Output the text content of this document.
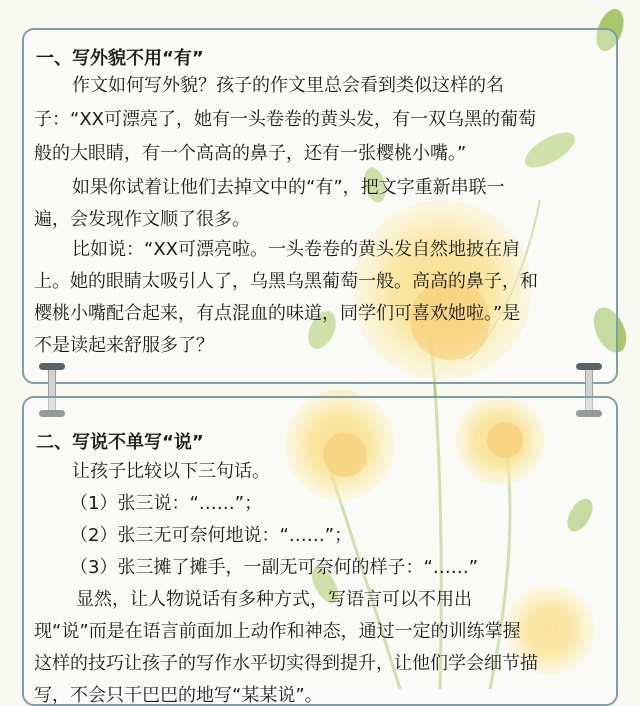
一、写外貌不用“有”
作文如何写外貌？孩子的作文里总会看到类似这样的名
子：“XX可漂亮了，她有一头卷卷的黄头发，有一双乌黑的葡萄
般的大眼睛，有一个高高的鼻子，还有一张樱桃小嘴。”
如果你试着让他们去掉文中的“有”，把文字重新串联一
遍，会发现作文顺了很多。
比如说：“XX可漂亮啦。一头卷卷的黄头发自然地披在肩
上。她的眼睛太吸引人了，乌黑乌黑葡萄一般。高高的鼻子，和
樱桃小嘴配合起来，有点混血的味道，同学们可喜欢她啦。”是
不是读起来舒服多了？
二、写说不单写“说”
让孩子比较以下三句话。
（1）张三说：“……”；
（2）张三无可奈何地说：“……”；
（3）张三摊了摊手，一副无可奈何的样子：“……”
显然，让人物说话有多种方式，写语言可以不用出
现“说”而是在语言前面加上动作和神态，通过一定的训练掌握
这样的技巧让孩子的写作水平切实得到提升，让他们学会细节描
写，不会只干巴巴的地写“某某说”。
